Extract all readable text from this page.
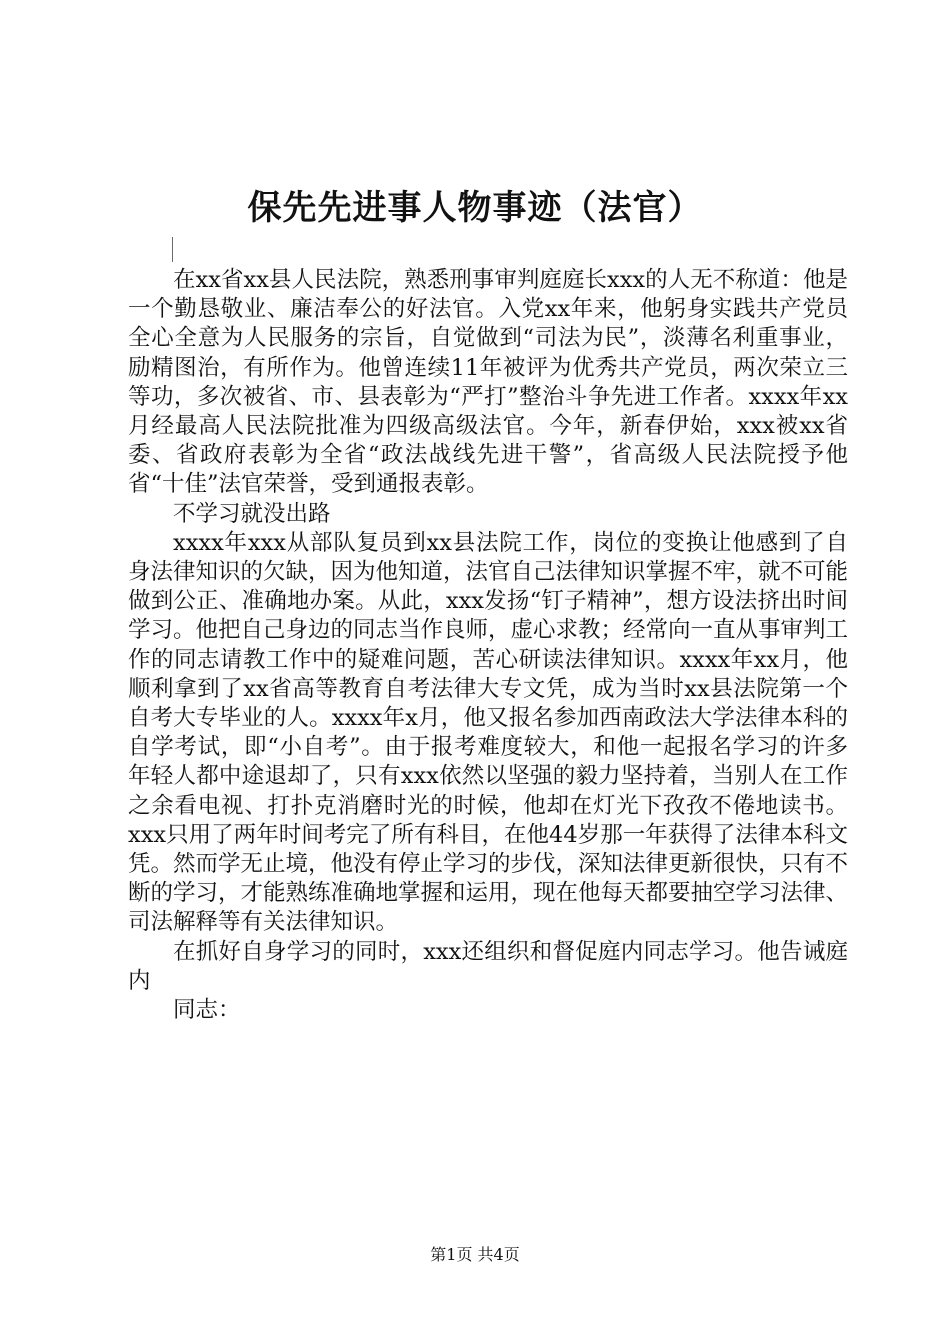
保先先进事人物事迹（法官）

在xx省xx县人民法院，熟悉刑事审判庭庭长xxx的人无不称道：他是一个勤恳敬业、廉洁奉公的好法官。入党xx年来，他躬身实践共产党员全心全意为人民服务的宗旨，自觉做到“司法为民”，淡薄名利重事业，励精图治，有所作为。他曾连续11年被评为优秀共产党员，两次荣立三等功，多次被省、市、县表彰为“严打”整治斗争先进工作者。xxxx年xx月经最高人民法院批准为四级高级法官。今年，新春伊始，xxx被xx省委、省政府表彰为全省“政法战线先进干警”，省高级人民法院授予他省“十佳”法官荣誉，受到通报表彰。

不学习就没出路

xxxx年xxx从部队复员到xx县法院工作，岗位的变换让他感到了自身法律知识的欠缺，因为他知道，法官自己法律知识掌握不牢，就不可能做到公正、准确地办案。从此，xxx发扬“钉子精神”，想方设法挤出时间学习。他把自己身边的同志当作良师，虚心求教；经常向一直从事审判工作的同志请教工作中的疑难问题，苦心研读法律知识。xxxx年xx月，他顺利拿到了xx省高等教育自考法律大专文凭，成为当时xx县法院第一个自考大专毕业的人。xxxx年x月，他又报名参加西南政法大学法律本科的自学考试，即“小自考”。由于报考难度较大，和他一起报名学习的许多年轻人都中途退却了，只有xxx依然以坚强的毅力坚持着，当别人在工作之余看电视、打扑克消磨时光的时候，他却在灯光下孜孜不倦地读书。xxx只用了两年时间考完了所有科目，在他44岁那一年获得了法律本科文凭。然而学无止境，他没有停止学习的步伐，深知法律更新很快，只有不断的学习，才能熟练准确地掌握和运用，现在他每天都要抽空学习法律、司法解释等有关法律知识。

在抓好自身学习的同时，xxx还组织和督促庭内同志学习。他告诫庭内

同志：

第1页 共4页
